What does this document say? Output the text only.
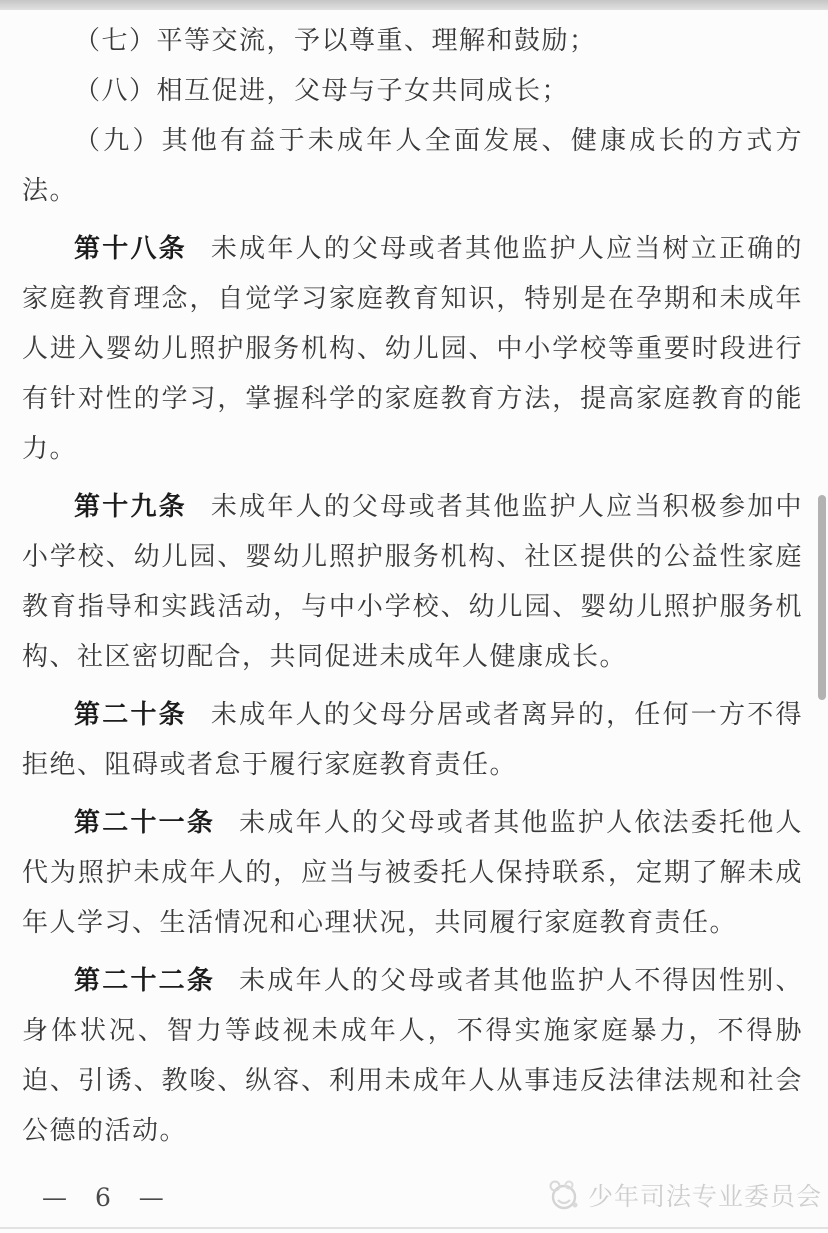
（七）平等交流，予以尊重、理解和鼓励；

（八）相互促进，父母与子女共同成长；

（九）其他有益于未成年人全面发展、健康成长的方式方法。

第十八条 未成年人的父母或者其他监护人应当树立正确的家庭教育理念，自觉学习家庭教育知识，特别是在孕期和未成年人进入婴幼儿照护服务机构、幼儿园、中小学校等重要时段进行有针对性的学习，掌握科学的家庭教育方法，提高家庭教育的能力。

第十九条 未成年人的父母或者其他监护人应当积极参加中小学校、幼儿园、婴幼儿照护服务机构、社区提供的公益性家庭教育指导和实践活动，与中小学校、幼儿园、婴幼儿照护服务机构、社区密切配合，共同促进未成年人健康成长。

第二十条 未成年人的父母分居或者离异的，任何一方不得拒绝、阻碍或者怠于履行家庭教育责任。

第二十一条 未成年人的父母或者其他监护人依法委托他人代为照护未成年人的，应当与被委托人保持联系，定期了解未成年人学习、生活情况和心理状况，共同履行家庭教育责任。

第二十二条 未成年人的父母或者其他监护人不得因性别、身体状况、智力等歧视未成年人，不得实施家庭暴力，不得胁迫、引诱、教唆、纵容、利用未成年人从事违反法律法规和社会公德的活动。

— 6 —	少年司法专业委员会
